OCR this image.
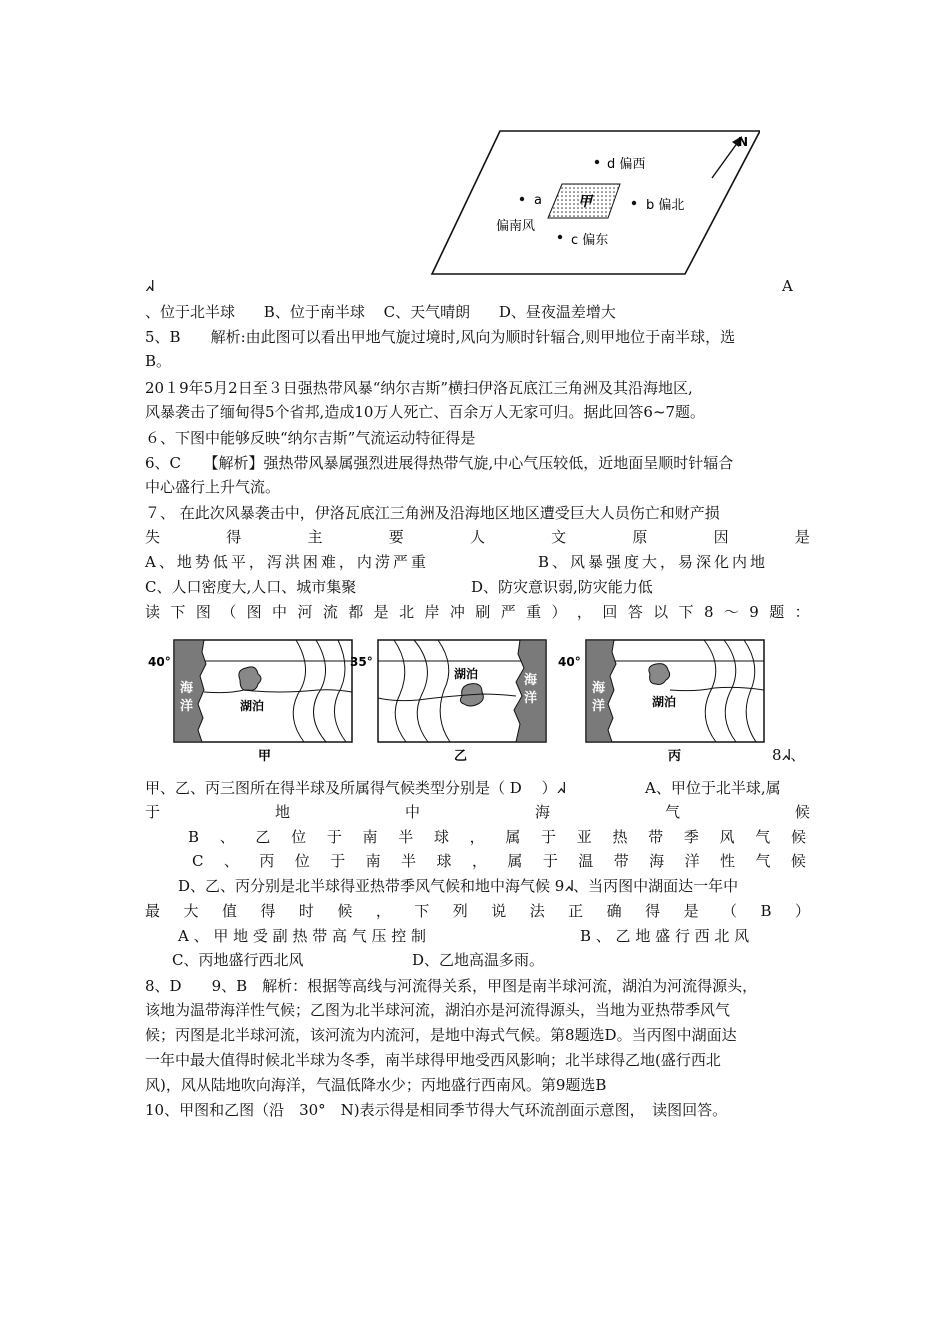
甲
N
d 偏西
a	b 偏北
偏南风
c 偏东
ᖽ	A
、位于北半球 B、位于南半球 C、天气晴朗 D、昼夜温差增大
5、B　　解析:由此图可以看出甲地气旋过境时,风向为顺时针辐合,则甲地位于南半球，选
B。
20１9年5月2日至３日强热带风暴“纳尔吉斯”横扫伊洛瓦底江三角洲及其沿海地区,
风暴袭击了缅甸得5个省邦,造成10万人死亡、百余万人无家可归。据此回答6~7题。
６、下图中能够反映“纳尔吉斯”气流运动特征得是
6、C　　【解析】强热带风暴属强烈进展得热带气旋,中心气压较低，近地面呈顺时针辐合
中心盛行上升气流。
７、 在此次风暴袭击中，伊洛瓦底江三角洲及沿海地区地区遭受巨大人员伤亡和财产损
失	得	主	要	人	文	原	因	是
A、地势低平，泻洪困难，内涝严重	B、风暴强度大，易深化内地
C、人口密度大,人口、城市集聚	D、防灾意识弱,防灾能力低
读 下 图 （ 图 中 河 流 都 是 北 岸 冲 刷 严 重 ） ， 回 答 以 下 8 ～ 9 题 ：
40°
海
洋	湖泊
甲
35°
湖泊	海
洋
乙
40°
海
洋	湖泊
丙	8ᖽ、
甲、乙、丙三图所在得半球及所属得气候类型分别是（ D　 ）ᖽ	A、甲位于北半球,属
于	地	中	海	气	候
B 、 乙 位 于 南 半 球 ， 属 于 亚 热 带 季 风 气 候
C 、 丙 位 于 南 半 球 ， 属 于 温 带 海 洋 性 气 候
D、乙、丙分别是北半球得亚热带季风气候和地中海气候 9ᖽ、当丙图中湖面达一年中
最 大 值 得 时 候 ， 下 列 说 法 正 确 得 是 （ B ）
A 、 甲 地 受 副 热 带 高 气 压 控 制	B 、 乙 地 盛 行 西 北 风
C、丙地盛行西北风	D、乙地高温多雨。
8、D　　9、B　解析：根据等高线与河流得关系，甲图是南半球河流，湖泊为河流得源头，
该地为温带海洋性气候；乙图为北半球河流，湖泊亦是河流得源头，当地为亚热带季风气
候；丙图是北半球河流，该河流为内流河，是地中海式气候。第8题选D。当丙图中湖面达
一年中最大值得时候北半球为冬季，南半球得甲地受西风影响；北半球得乙地(盛行西北
风)，风从陆地吹向海洋，气温低降水少；丙地盛行西南风。第9题选B
10、甲图和乙图（沿　30°　N)表示得是相同季节得大气环流剖面示意图，　读图回答。
